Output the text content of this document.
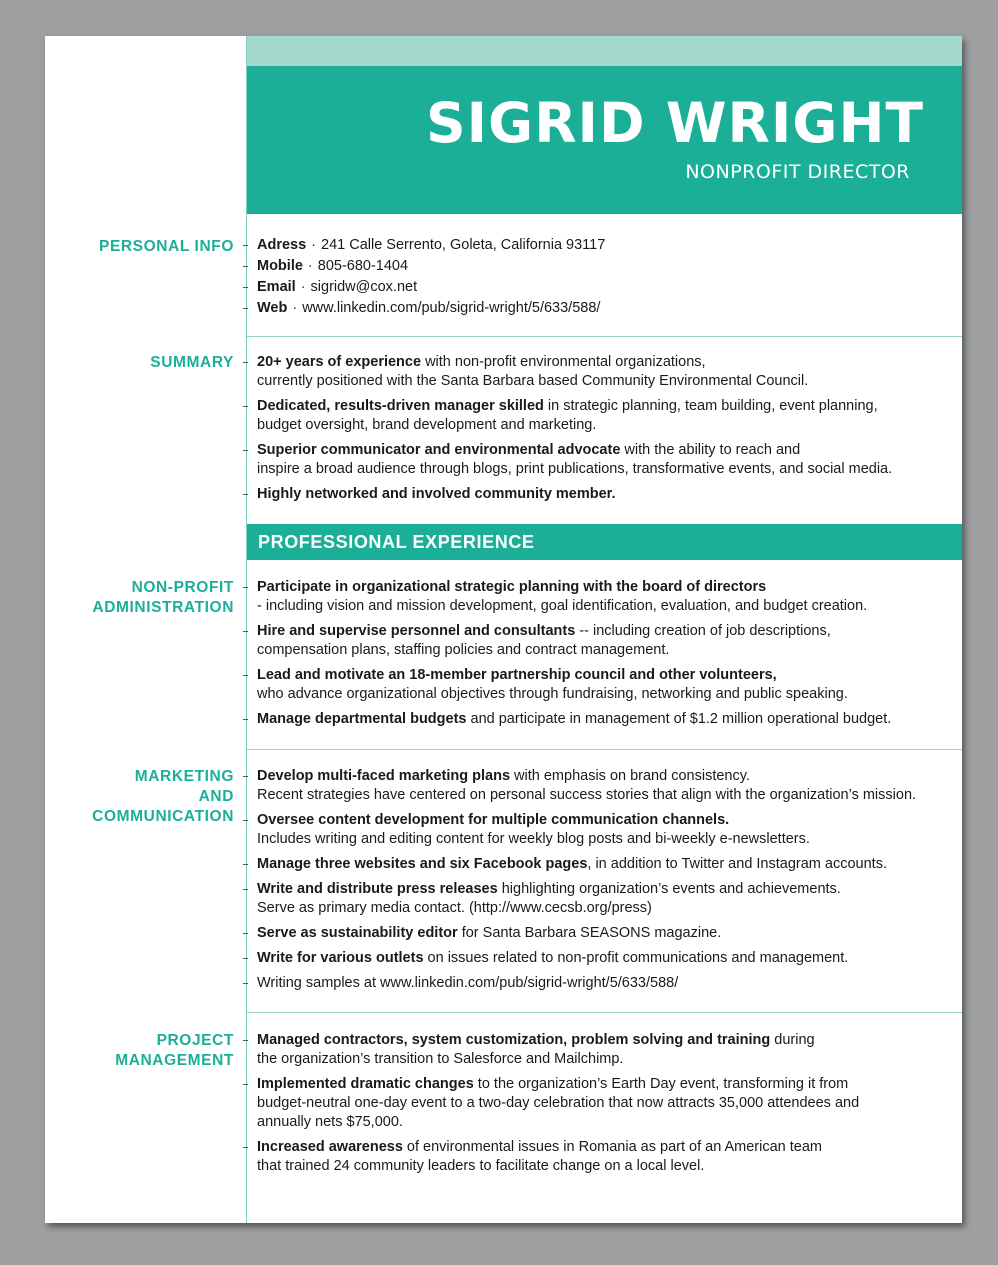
SIGRID WRIGHT
NONPROFIT DIRECTOR
PERSONAL INFO Adress · 241 Calle Serrento, Goleta, California 93117
Mobile · 805-680-1404
Email · sigridw@cox.net
Web · www.linkedin.com/pub/sigrid-wright/5/633/588/
SUMMARY 20+ years of experience with non-profit environmental organizations,
currently positioned with the Santa Barbara based Community Environmental Council.
Dedicated, results-driven manager skilled in strategic planning, team building, event planning,
budget oversight, brand development and marketing.
Superior communicator and environmental advocate with the ability to reach and
inspire a broad audience through blogs, print publications, transformative events, and social media.
Highly networked and involved community member.
PROFESSIONAL EXPERIENCE
NON-PROFIT
ADMINISTRATION
Participate in organizational strategic planning with the board of directors
- including vision and mission development, goal identification, evaluation, and budget creation.
Hire and supervise personnel and consultants -- including creation of job descriptions,
compensation plans, staffing policies and contract management.
Lead and motivate an 18-member partnership council and other volunteers,
who advance organizational objectives through fundraising, networking and public speaking.
Manage departmental budgets and participate in management of $1.2 million operational budget.
MARKETING
AND
COMMUNICATION
Develop multi-faced marketing plans with emphasis on brand consistency.
Recent strategies have centered on personal success stories that align with the organization’s mission.
Oversee content development for multiple communication channels.
Includes writing and editing content for weekly blog posts and bi-weekly e-newsletters.
Manage three websites and six Facebook pages, in addition to Twitter and Instagram accounts.
Write and distribute press releases highlighting organization’s events and achievements.
Serve as primary media contact. (http://www.cecsb.org/press)
Serve as sustainability editor for Santa Barbara SEASONS magazine.
Write for various outlets on issues related to non-profit communications and management.
Writing samples at www.linkedin.com/pub/sigrid-wright/5/633/588/
PROJECT
MANAGEMENT
Managed contractors, system customization, problem solving and training during
the organization’s transition to Salesforce and Mailchimp.
Implemented dramatic changes to the organization’s Earth Day event, transforming it from
budget-neutral one-day event to a two-day celebration that now attracts 35,000 attendees and
annually nets $75,000.
Increased awareness of environmental issues in Romania as part of an American team
that trained 24 community leaders to facilitate change on a local level.
